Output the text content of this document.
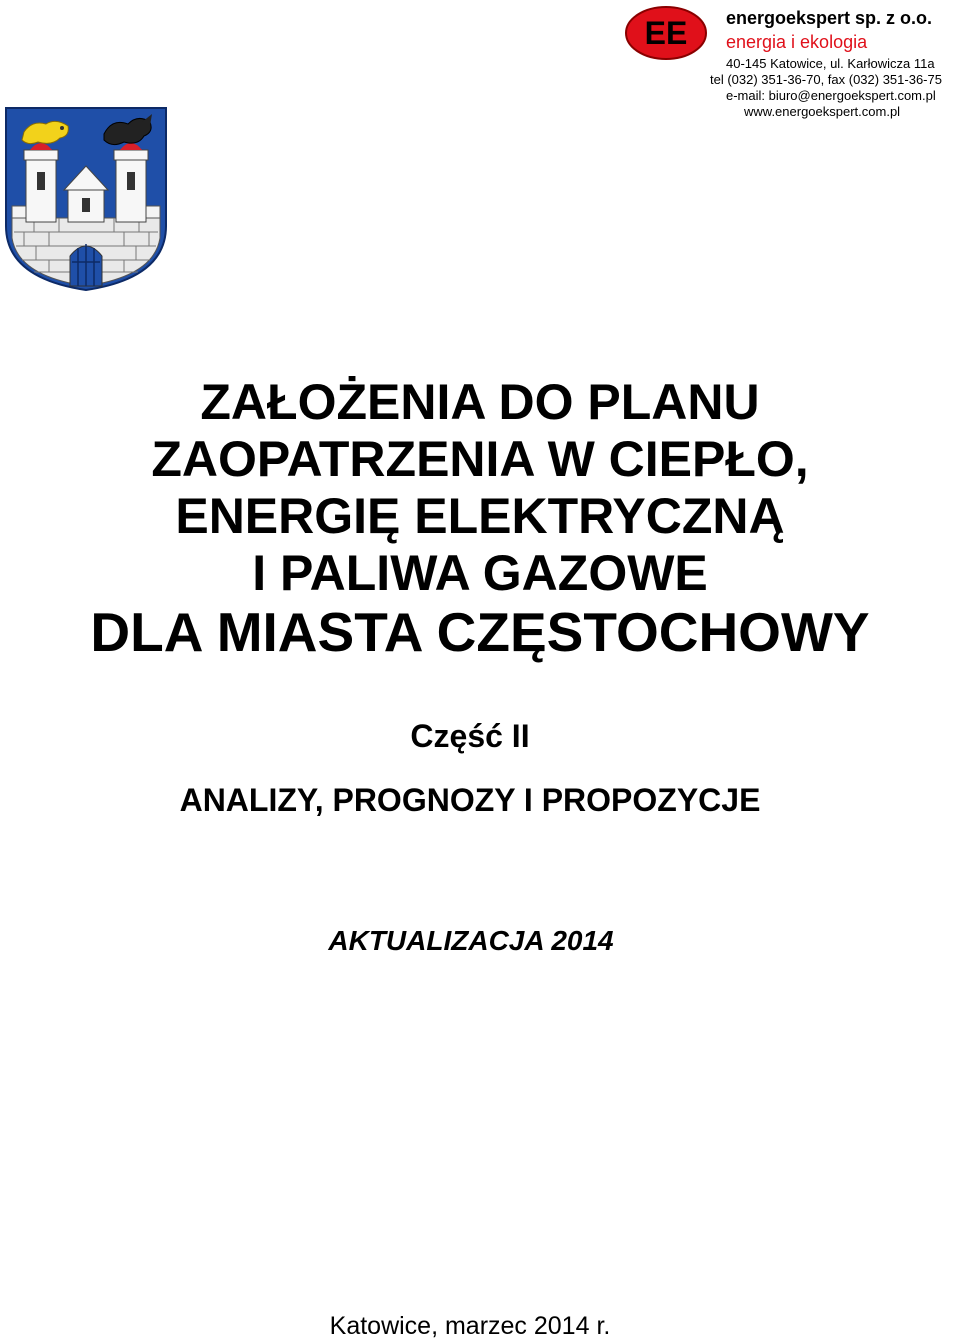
EE energoekspert sp. z o.o.
energia i ekologia
40-145 Katowice, ul. Karłowicza 11a
tel (032) 351-36-70, fax (032) 351-36-75
e-mail: biuro@energoekspert.com.pl
www.energoekspert.com.pl
ZAŁOŻENIA DO PLANU
ZAOPATRZENIA W CIEPŁO,
ENERGIĘ ELEKTRYCZNĄ
I PALIWA GAZOWE
DLA MIASTA CZĘSTOCHOWY
Część II
ANALIZY, PROGNOZY I PROPOZYCJE
AKTUALIZACJA 2014
Katowice, marzec 2014 r.
